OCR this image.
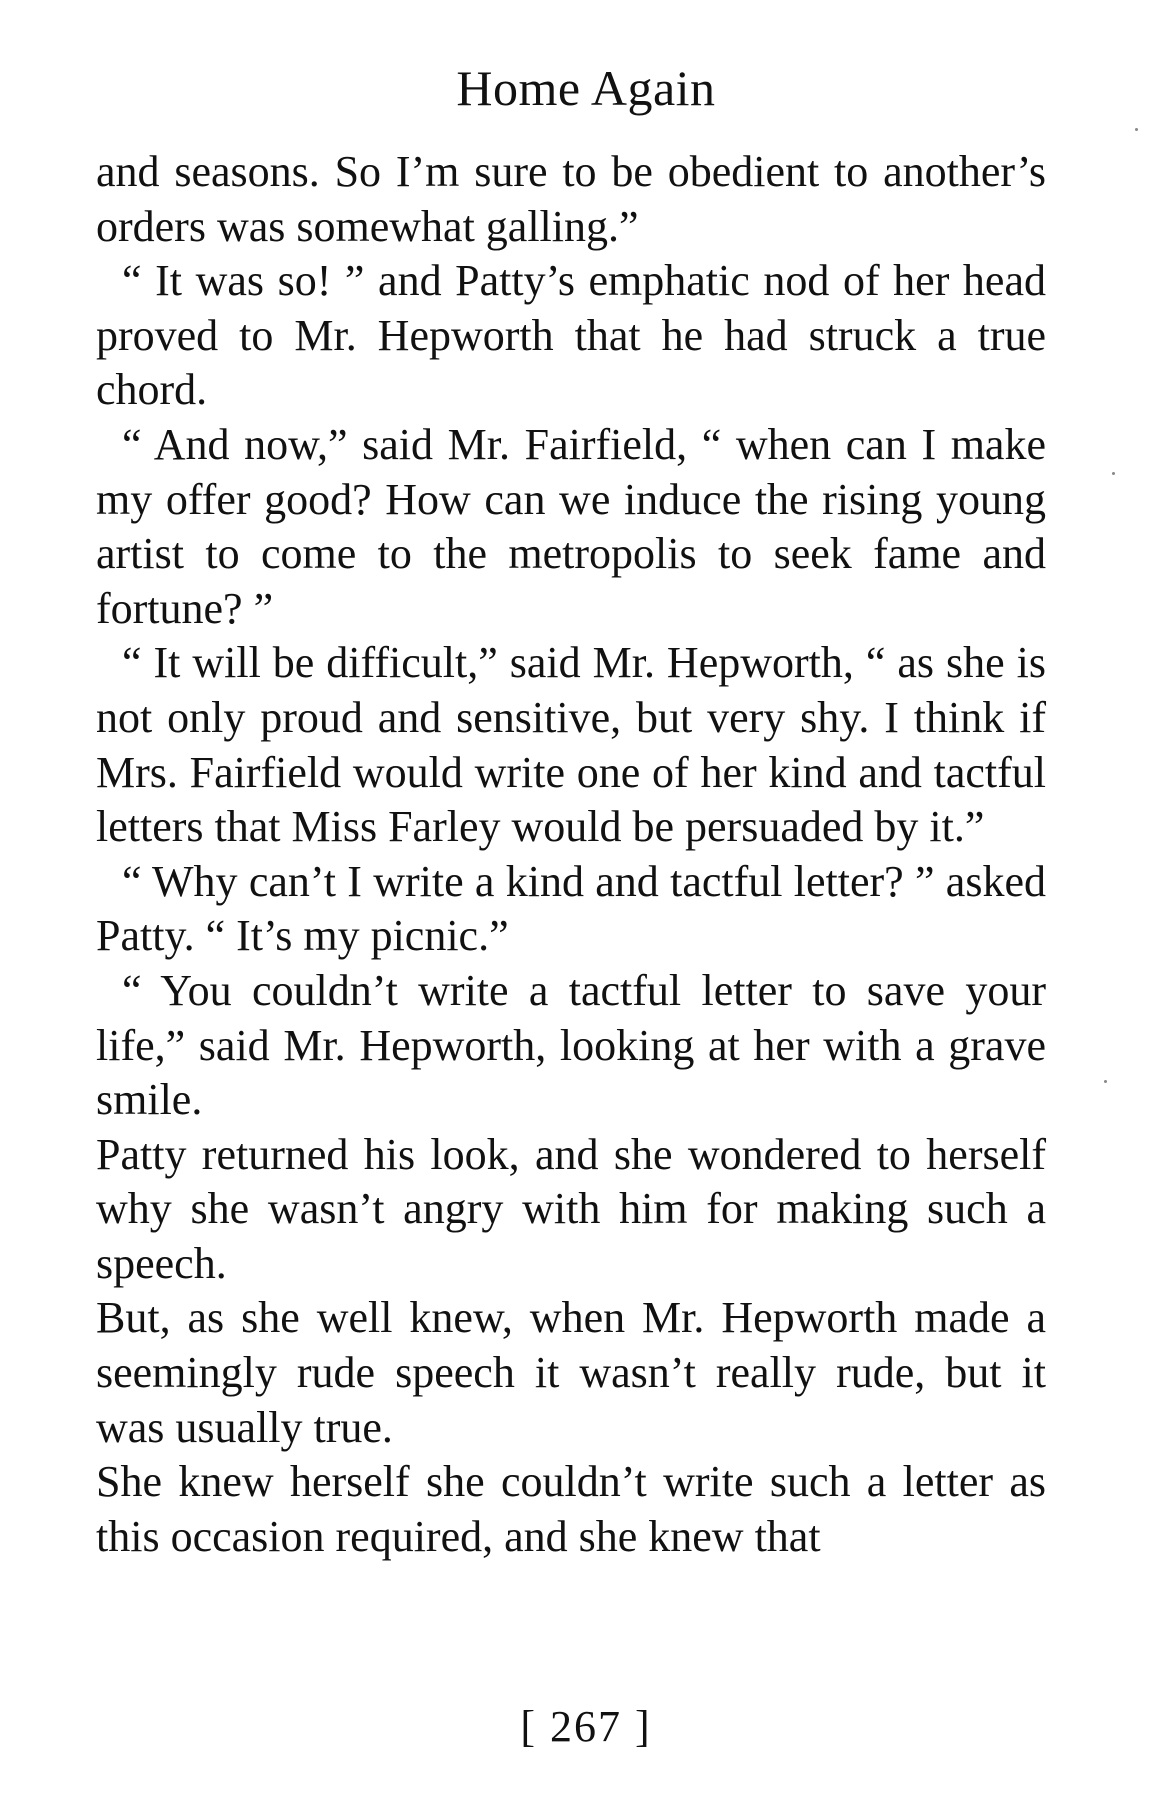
Home Again

and seasons. So I’m sure to be obedient to another’s orders was somewhat galling.”

“ It was so! ” and Patty’s emphatic nod of her head proved to Mr. Hepworth that he had struck a true chord.

“ And now,” said Mr. Fairfield, “ when can I make my offer good? How can we induce the rising young artist to come to the metropolis to seek fame and fortune? ”

“ It will be difficult,” said Mr. Hepworth, “ as she is not only proud and sensitive, but very shy. I think if Mrs. Fairfield would write one of her kind and tactful letters that Miss Farley would be persuaded by it.”

“ Why can’t I write a kind and tactful letter? ” asked Patty. “ It’s my picnic.”

“ You couldn’t write a tactful letter to save your life,” said Mr. Hepworth, looking at her with a grave smile.

Patty returned his look, and she wondered to herself why she wasn’t angry with him for making such a speech.

But, as she well knew, when Mr. Hepworth made a seemingly rude speech it wasn’t really rude, but it was usually true.

She knew herself she couldn’t write such a letter as this occasion required, and she knew that

[ 267 ]
